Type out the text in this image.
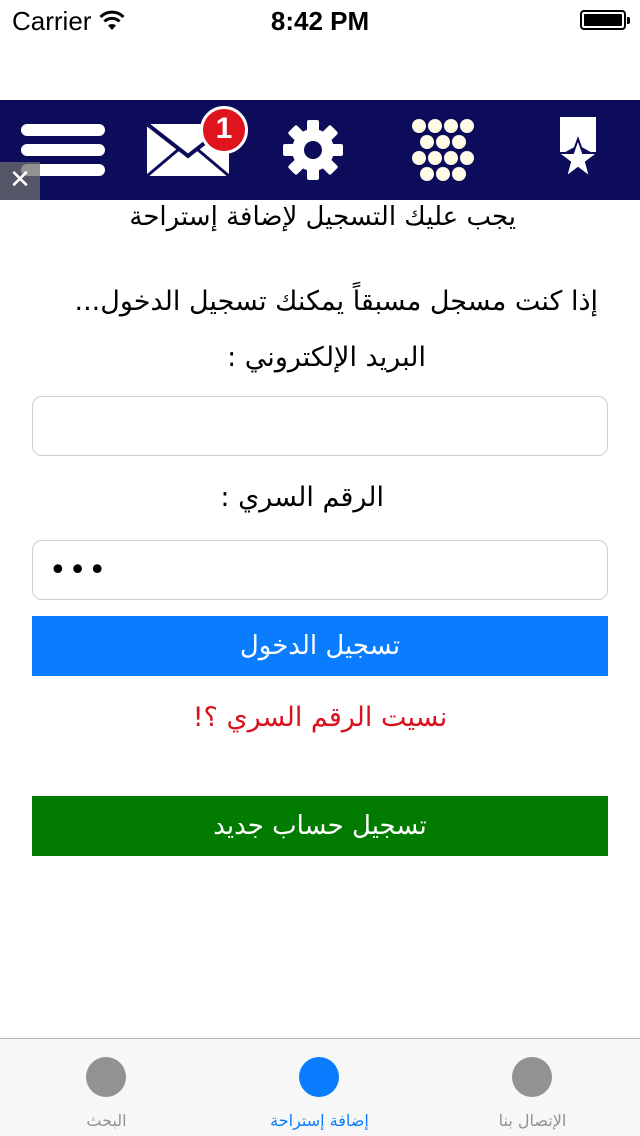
Carrier	8:42 PM
1
✕
يجب عليك التسجيل لإضافة إستراحة
إذا كنت مسجل مسبقاً يمكنك تسجيل الدخول...
البريد الإلكتروني :
الرقم السري :
•••
تسجيل الدخول
نسيت الرقم السري ؟!
تسجيل حساب جديد
البحث	إضافة إستراحة	الإتصال بنا
